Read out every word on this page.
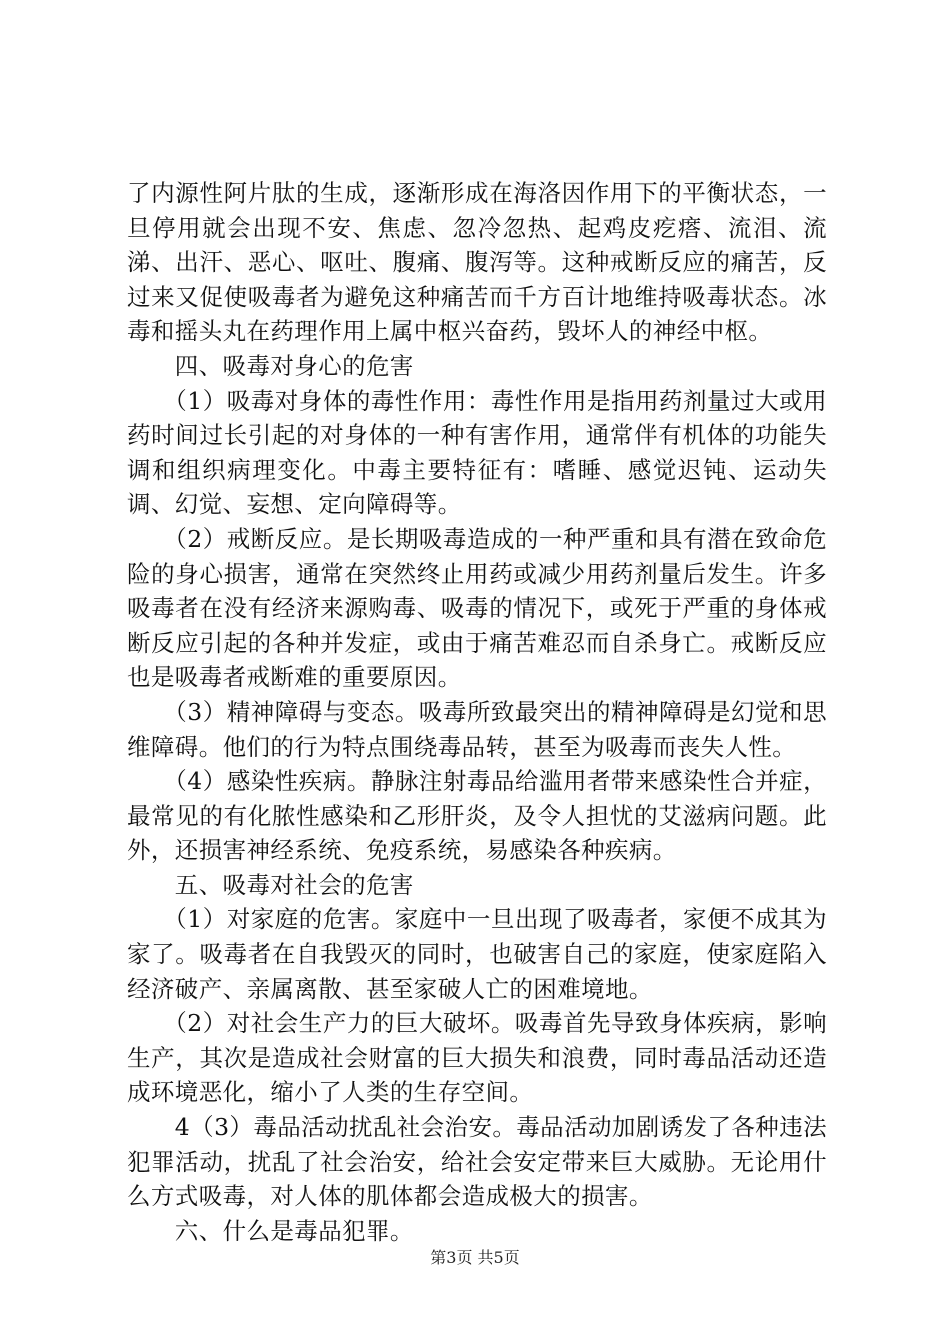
了内源性阿片肽的生成，逐渐形成在海洛因作用下的平衡状态，一旦停用就会出现不安、焦虑、忽冷忽热、起鸡皮疙瘩、流泪、流涕、出汗、恶心、呕吐、腹痛、腹泻等。这种戒断反应的痛苦，反过来又促使吸毒者为避免这种痛苦而千方百计地维持吸毒状态。冰毒和摇头丸在药理作用上属中枢兴奋药，毁坏人的神经中枢。

　　四、吸毒对身心的危害

　　（1）吸毒对身体的毒性作用：毒性作用是指用药剂量过大或用药时间过长引起的对身体的一种有害作用，通常伴有机体的功能失调和组织病理变化。中毒主要特征有：嗜睡、感觉迟钝、运动失调、幻觉、妄想、定向障碍等。

　　（2）戒断反应。是长期吸毒造成的一种严重和具有潜在致命危险的身心损害，通常在突然终止用药或减少用药剂量后发生。许多吸毒者在没有经济来源购毒、吸毒的情况下，或死于严重的身体戒断反应引起的各种并发症，或由于痛苦难忍而自杀身亡。戒断反应也是吸毒者戒断难的重要原因。

　　（3）精神障碍与变态。吸毒所致最突出的精神障碍是幻觉和思维障碍。他们的行为特点围绕毒品转，甚至为吸毒而丧失人性。

　　（4）感染性疾病。静脉注射毒品给滥用者带来感染性合并症，最常见的有化脓性感染和乙形肝炎，及令人担忧的艾滋病问题。此外，还损害神经系统、免疫系统，易感染各种疾病。

　　五、吸毒对社会的危害

　　（1）对家庭的危害。家庭中一旦出现了吸毒者，家便不成其为家了。吸毒者在自我毁灭的同时，也破害自己的家庭，使家庭陷入经济破产、亲属离散、甚至家破人亡的困难境地。

　　（2）对社会生产力的巨大破坏。吸毒首先导致身体疾病，影响生产，其次是造成社会财富的巨大损失和浪费，同时毒品活动还造成环境恶化，缩小了人类的生存空间。

　　4（3）毒品活动扰乱社会治安。毒品活动加剧诱发了各种违法犯罪活动，扰乱了社会治安，给社会安定带来巨大威胁。无论用什么方式吸毒，对人体的肌体都会造成极大的损害。

　　六、什么是毒品犯罪。

第3页 共5页
